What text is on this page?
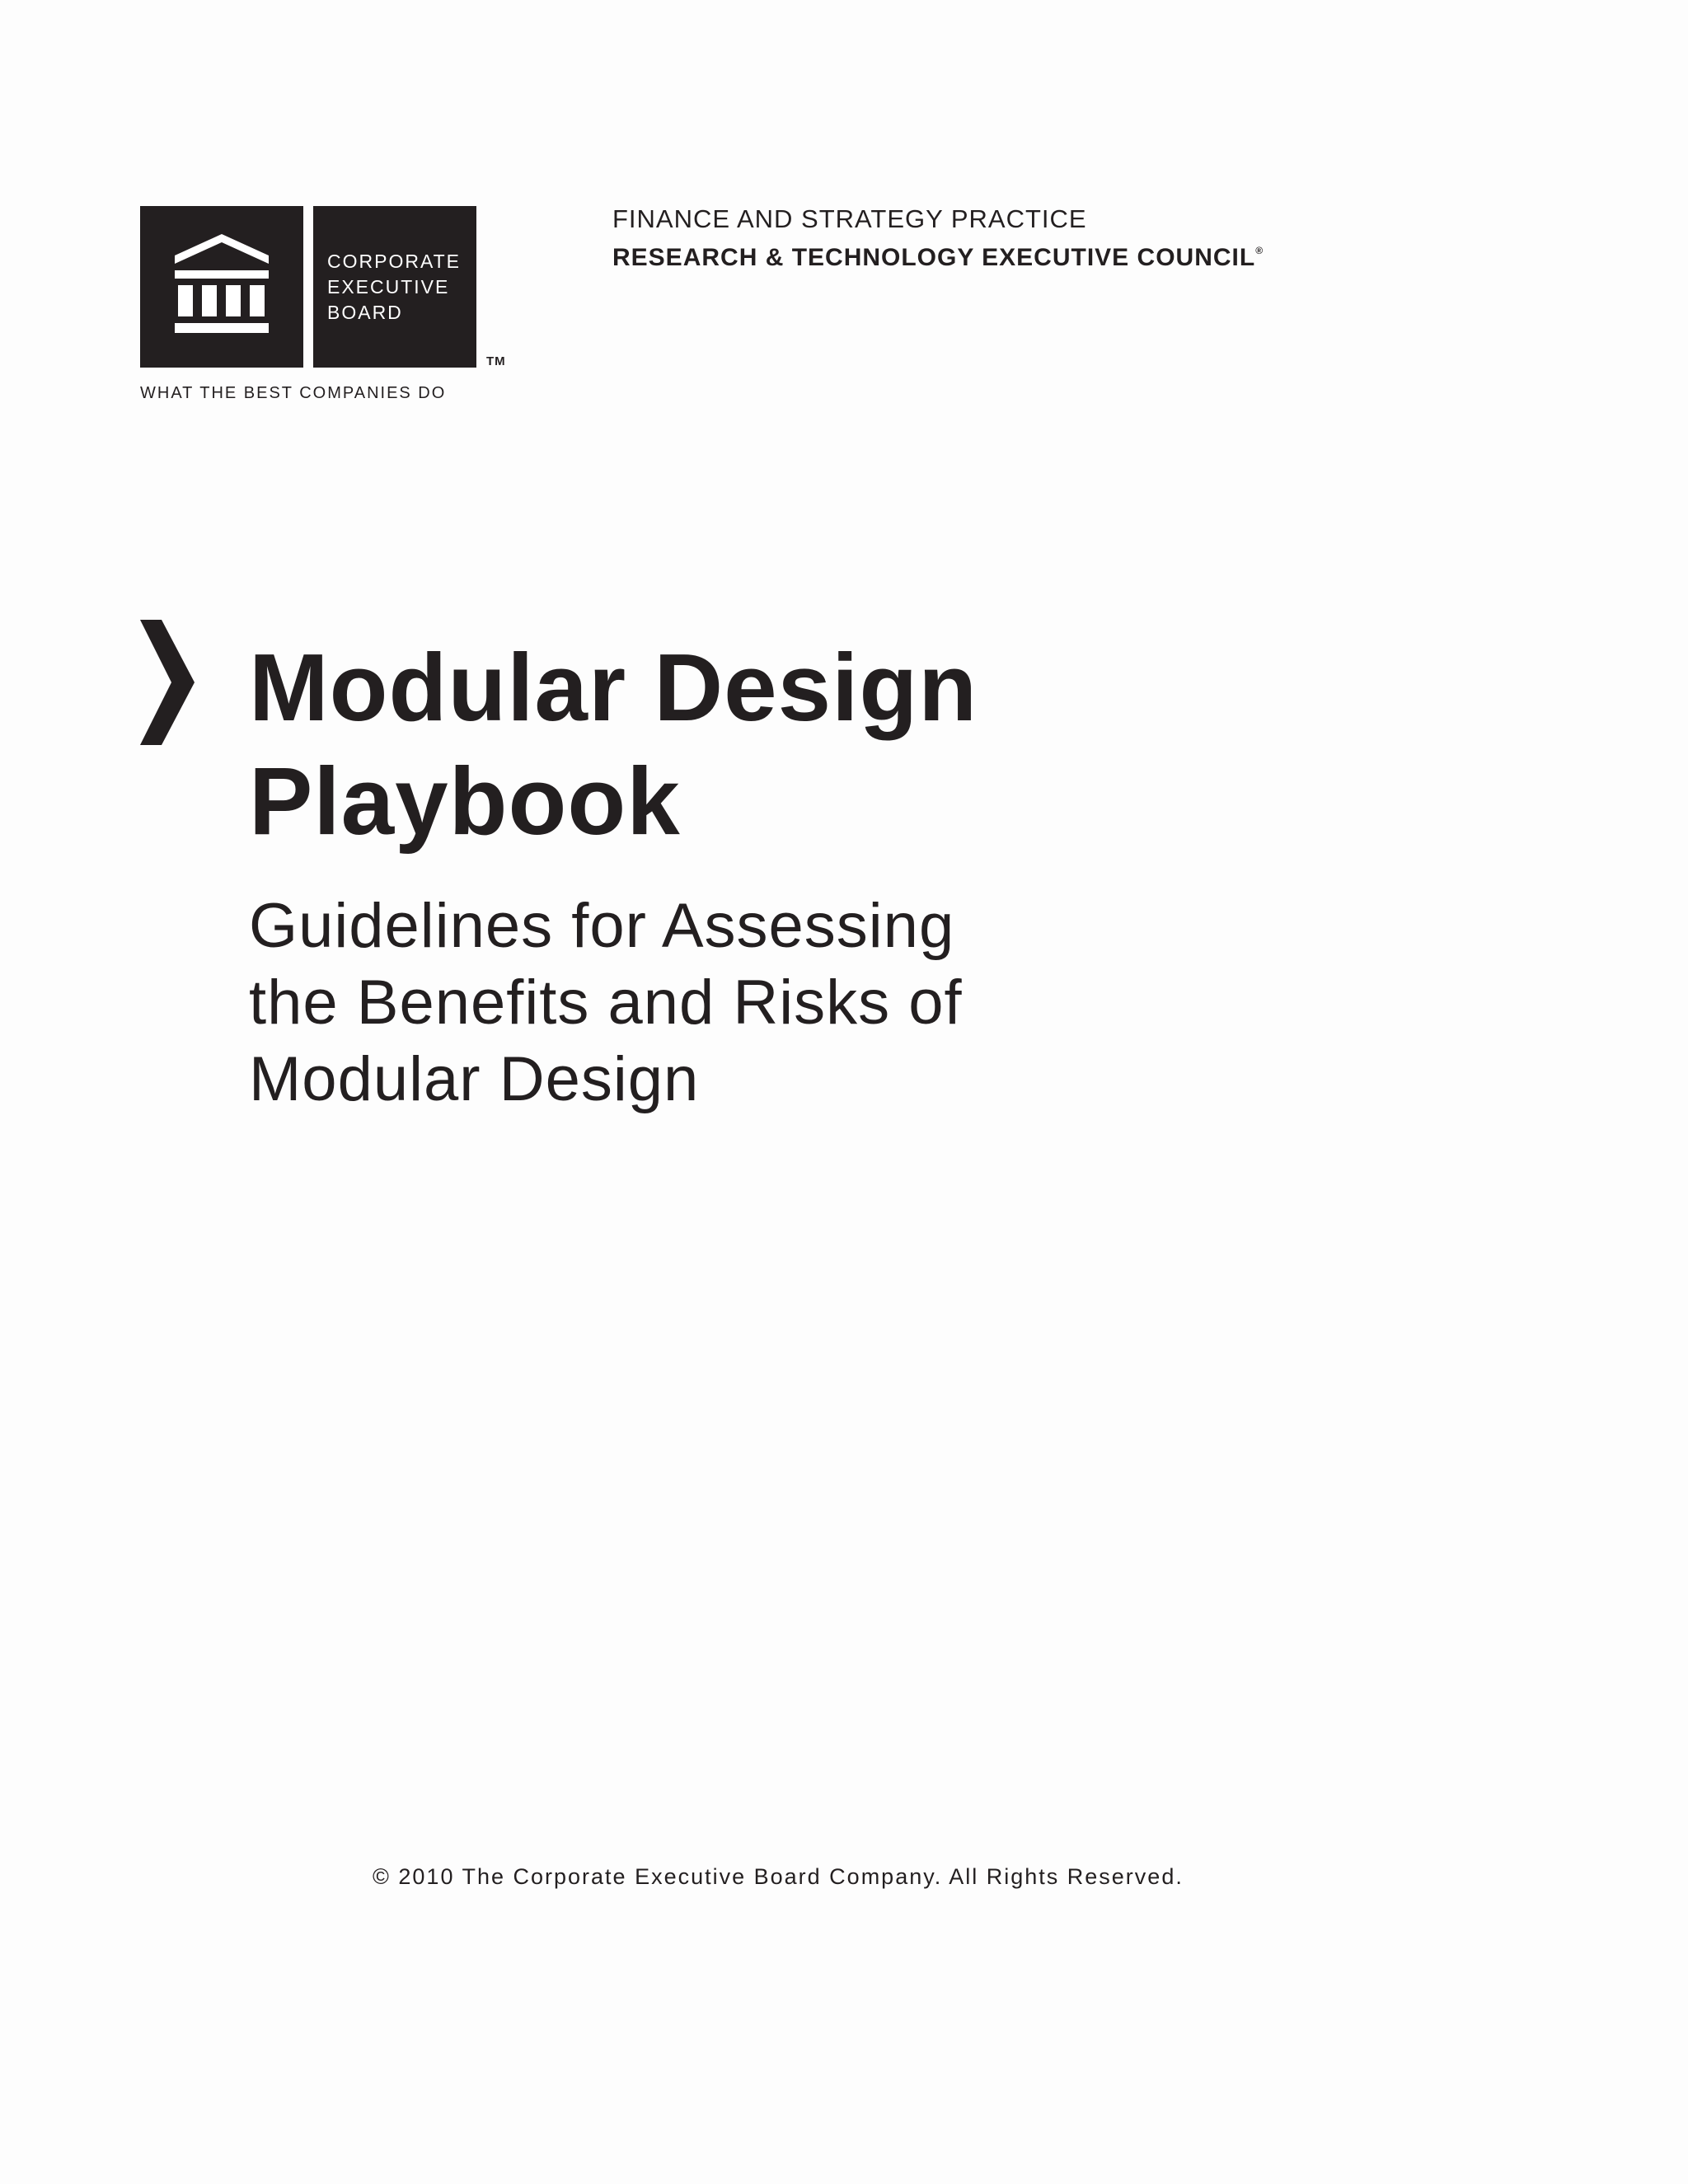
CORPORATE
EXECUTIVE
BOARD
TM
WHAT THE BEST COMPANIES DO
FINANCE AND STRATEGY PRACTICE
RESEARCH & TECHNOLOGY EXECUTIVE COUNCIL®
Modular Design
Playbook
Guidelines for Assessing
the Benefits and Risks of
Modular Design
© 2010 The Corporate Executive Board Company. All Rights Reserved.
